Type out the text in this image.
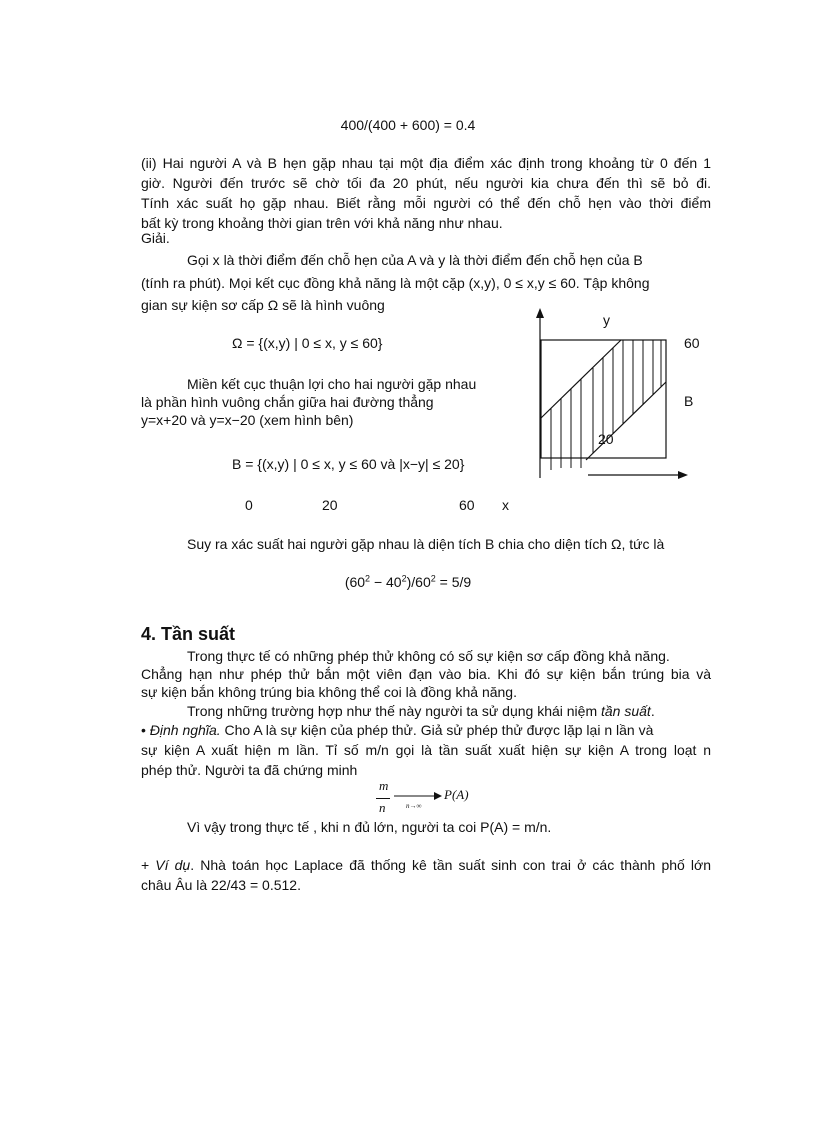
400/(400 + 600) = 0.4
(ii) Hai người A và B hẹn gặp nhau tại một địa điểm xác định trong khoảng từ 0 đến 1
giờ. Người đến trước sẽ chờ tối đa 20 phút, nếu người kia chưa đến thì sẽ bỏ đi.
Tính xác suất họ gặp nhau. Biết rằng mỗi người có thể đến chỗ hẹn vào thời điểm
bất kỳ trong khoảng thời gian trên với khả năng như nhau.
Giải.
Gọi x là thời điểm đến chỗ hẹn của A và y là thời điểm đến chỗ hẹn của B
(tính ra phút). Mọi kết cục đồng khả năng là một cặp (x,y), 0 ≤ x,y ≤ 60. Tập không
gian sự kiện sơ cấp Ω sẽ là hình vuông
Ω = {(x,y) | 0 ≤ x, y ≤ 60}
Miền kết cục thuận lợi cho hai người gặp nhau
là phần hình vuông chắn giữa hai đường thẳng
y=x+20 và y=x−20 (xem hình bên)
B = {(x,y) | 0 ≤ x, y ≤ 60 và |x−y| ≤ 20}
0	20	60 x
y
60
B
20
Suy ra xác suất hai người gặp nhau là diện tích B chia cho diện tích Ω, tức là
$(60^2 - 40^2)/60^2 = 5/9$
4. Tần suất
Trong thực tế có những phép thử không có số sự kiện sơ cấp đồng khả năng.
Chẳng hạn như phép thử bắn một viên đạn vào bia. Khi đó sự kiện bắn trúng bia và
sự kiện bắn không trúng bia không thể coi là đồng khả năng.
Trong những trường hợp như thế này người ta sử dụng khái niệm tần suất.
• Định nghĩa. Cho A là sự kiện của phép thử. Giả sử phép thử được lặp lại n lần và
sự kiện A xuất hiện m lần. Tỉ số m/n gọi là tần suất xuất hiện sự kiện A trong loạt n
phép thử. Người ta đã chứng minh
m
n	n→∞
P(A)
Vì vậy trong thực tế , khi n đủ lớn, người ta coi P(A) = m/n.
+ Ví dụ. Nhà toán học Laplace đã thống kê tần suất sinh con trai ở các thành phố lớn
châu Âu là 22/43 = 0.512.
